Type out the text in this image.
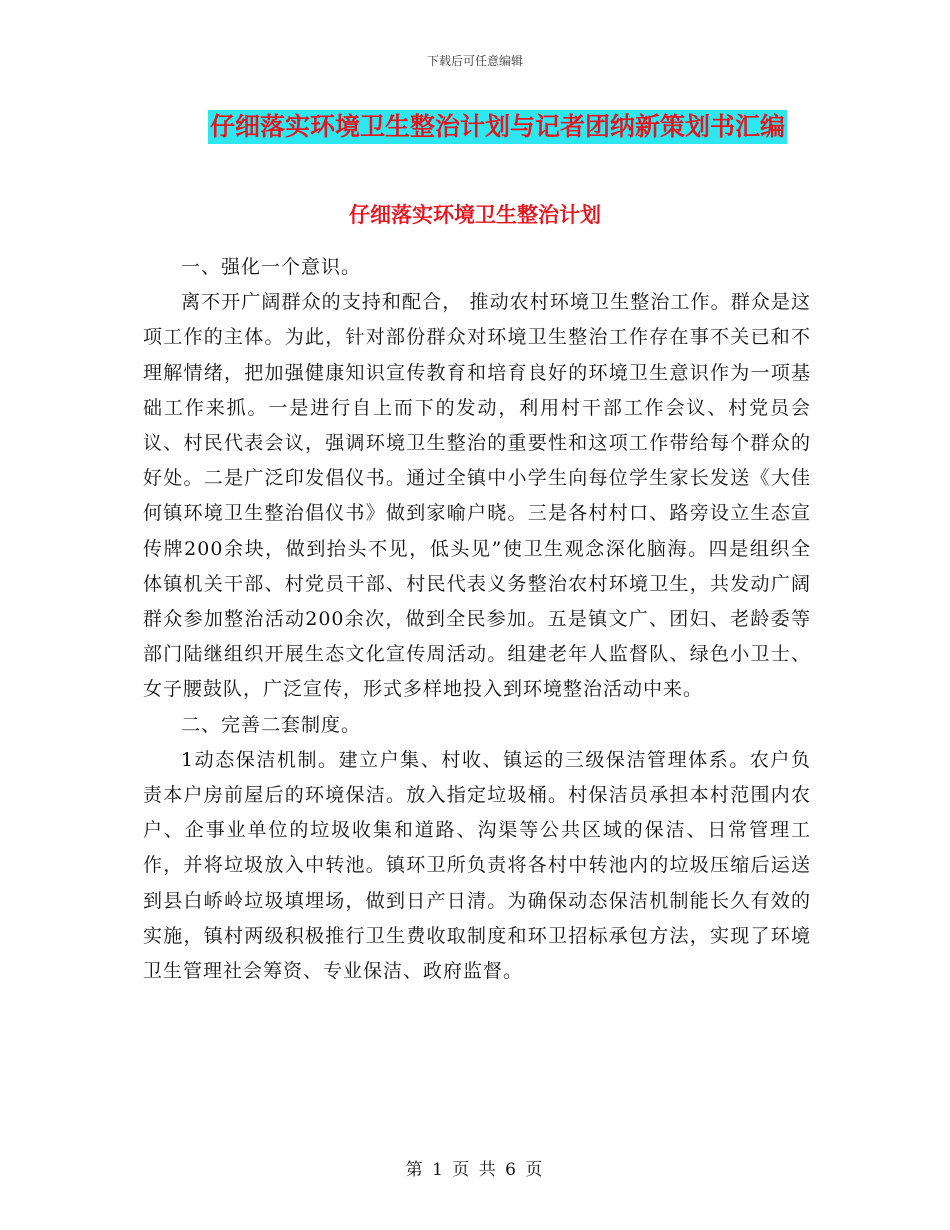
下载后可任意编辑
仔细落实环境卫生整治计划与记者团纳新策划书汇编
仔细落实环境卫生整治计划

一、强化一个意识。

离不开广阔群众的支持和配合， 推动农村环境卫生整治工作。群众是这项工作的主体。为此，针对部份群众对环境卫生整治工作存在事不关已和不理解情绪，把加强健康知识宣传教育和培育良好的环境卫生意识作为一项基础工作来抓。一是进行自上而下的发动，利用村干部工作会议、村党员会议、村民代表会议，强调环境卫生整治的重要性和这项工作带给每个群众的好处。二是广泛印发倡仪书。通过全镇中小学生向每位学生家长发送《大佳何镇环境卫生整治倡仪书》做到家喻户晓。三是各村村口、路旁设立生态宣传牌200余块，做到抬头不见，低头见”使卫生观念深化脑海。四是组织全体镇机关干部、村党员干部、村民代表义务整治农村环境卫生，共发动广阔群众参加整治活动200余次，做到全民参加。五是镇文广、团妇、老龄委等部门陆继组织开展生态文化宣传周活动。组建老年人监督队、绿色小卫士、女子腰鼓队，广泛宣传，形式多样地投入到环境整治活动中来。

二、完善二套制度。

1动态保洁机制。建立户集、村收、镇运的三级保洁管理体系。农户负责本户房前屋后的环境保洁。放入指定垃圾桶。村保洁员承担本村范围内农户、企事业单位的垃圾收集和道路、沟渠等公共区域的保洁、日常管理工作，并将垃圾放入中转池。镇环卫所负责将各村中转池内的垃圾压缩后运送到县白峤岭垃圾填埋场，做到日产日清。为确保动态保洁机制能长久有效的实施，镇村两级积极推行卫生费收取制度和环卫招标承包方法，实现了环境卫生管理社会筹资、专业保洁、政府监督。

第 1 页 共 6 页
